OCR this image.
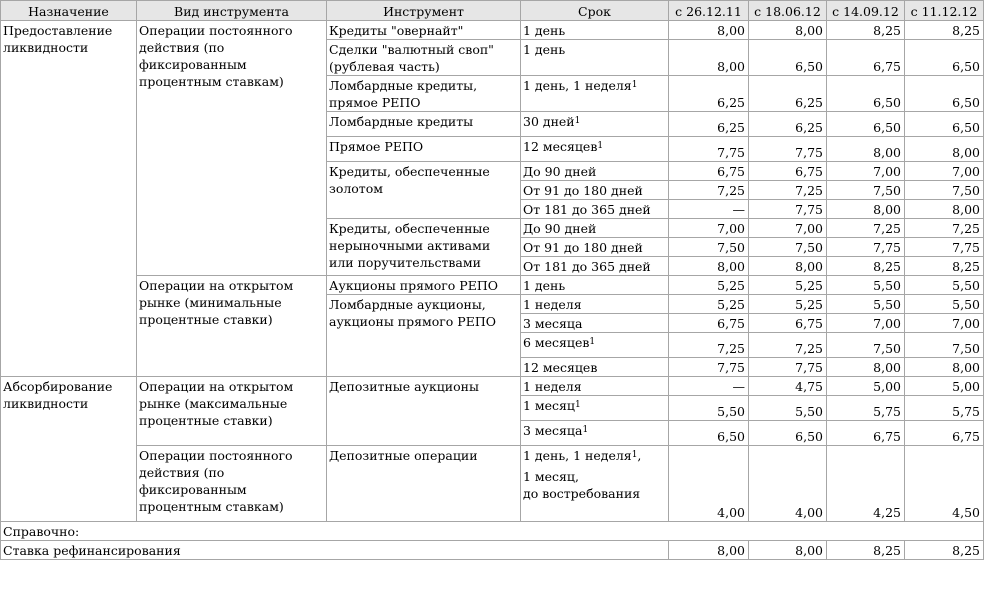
Назначение	Вид инструмента	Инструмент	Срок	с 26.12.11	с 18.06.12	с 14.09.12	с 11.12.12
Предоставление ликвидности	Операции постоянного действия (по фиксированным процентным ставкам)	Кредиты "овернайт"	1 день	8,00	8,00	8,25	8,25
		Сделки "валютный своп" (рублевая часть)	1 день	8,00	6,50	6,75	6,50
		Ломбардные кредиты, прямое РЕПО	1 день, 1 неделя$^1$	6,25	6,25	6,50	6,50
		Ломбардные кредиты	30 дней$^1$	6,25	6,25	6,50	6,50
		Прямое РЕПО	12 месяцев$^1$	7,75	7,75	8,00	8,00
		Кредиты, обеспеченные золотом	До 90 дней	6,75	6,75	7,00	7,00
			От 91 до 180 дней	7,25	7,25	7,50	7,50
			От 181 до 365 дней	—	7,75	8,00	8,00
		Кредиты, обеспеченные нерыночными активами или поручительствами	До 90 дней	7,00	7,00	7,25	7,25
			От 91 до 180 дней	7,50	7,50	7,75	7,75
			От 181 до 365 дней	8,00	8,00	8,25	8,25
	Операции на открытом рынке (минимальные процентные ставки)	Аукционы прямого РЕПО	1 день	5,25	5,25	5,50	5,50
		Ломбардные аукционы, аукционы прямого РЕПО	1 неделя	5,25	5,25	5,50	5,50
			3 месяца	6,75	6,75	7,00	7,00
			6 месяцев$^1$	7,25	7,25	7,50	7,50
			12 месяцев	7,75	7,75	8,00	8,00
Абсорбирование ликвидности	Операции на открытом рынке (максимальные процентные ставки)	Депозитные аукционы	1 неделя	—	4,75	5,00	5,00
			1 месяц$^1$	5,50	5,50	5,75	5,75
			3 месяца$^1$	6,50	6,50	6,75	6,75
	Операции постоянного действия (по фиксированным процентным ставкам)	Депозитные операции	1 день, 1 неделя$^1$,
1 месяц,
до востребования	4,00	4,00	4,25	4,50
Справочно:							
Ставка рефинансирования				8,00	8,00	8,25	8,25
